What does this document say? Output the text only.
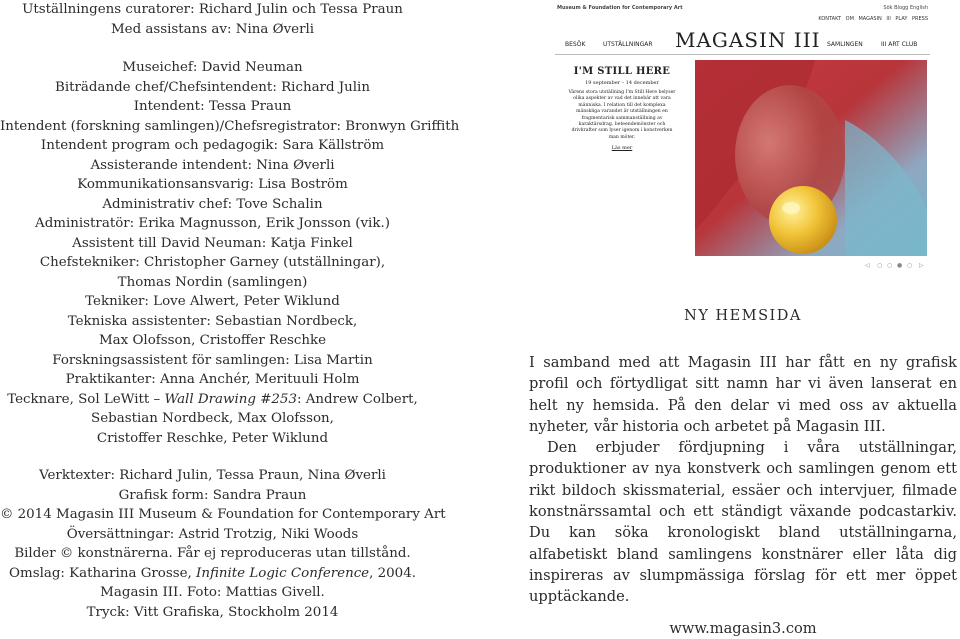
Utställningens curatorer: Richard Julin och Tessa Praun
Med assistans av: Nina Øverli
Museichef: David Neuman
Biträdande chef/Chefsintendent: Richard Julin
Intendent: Tessa Praun
Intendent (forskning samlingen)/Chefsregistrator: Bronwyn Griffith
Intendent program och pedagogik: Sara Källström
Assisterande intendent: Nina Øverli
Kommunikationsansvarig: Lisa Boström
Administrativ chef: Tove Schalin
Administratör: Erika Magnusson, Erik Jonsson (vik.)
Assistent till David Neuman: Katja Finkel
Chefstekniker: Christopher Garney (utställningar),
Thomas Nordin (samlingen)
Tekniker: Love Alwert, Peter Wiklund
Tekniska assistenter: Sebastian Nordbeck,
Max Olofsson, Cristoffer Reschke
Forskningsassistent för samlingen: Lisa Martin
Praktikanter: Anna Anchér, Merituuli Holm
Tecknare, Sol LeWitt – Wall Drawing #253: Andrew Colbert,
Sebastian Nordbeck, Max Olofsson,
Cristoffer Reschke, Peter Wiklund
Verktexter: Richard Julin, Tessa Praun, Nina Øverli
Grafisk form: Sandra Praun
© 2014 Magasin III Museum & Foundation for Contemporary Art
Översättningar: Astrid Trotzig, Niki Woods
Bilder © konstnärerna. Får ej reproduceras utan tillstånd.
Omslag: Katharina Grosse, Infinite Logic Conference, 2004.
Magasin III. Foto: Mattias Givell.
Tryck: Vitt Grafiska, Stockholm 2014
Museum & Foundation for Contemporary Art	Sök Blogg English
KONTAKT OM MAGASIN III PLAY PRESS
BESÖK	UTSTÄLLNINGAR MAGASIN III SAMLINGEN	III ART CLUB
I'M STILL HERE
19 september – 14 december
Värens stora utställning I'm Still Here belyser olika aspekter av vad det innebär att vara människa. I relation till det komplexa mänskliga varandet är utställningen en fragmentarisk sammanställning av karaktärsdrag, beteendemönster och drivkrafter som lyser igenom i konstverken man möter.
Läs mer
◁ ○ ○ ● ○ ▷
NY HEMSIDA

I samband med att Magasin III har fått en ny grafisk profil och förtydligat sitt namn har vi även lanserat en helt ny hemsida. På den delar vi med oss av aktuella nyheter, vår historia och arbetet på Magasin III.

Den erbjuder fördjupning i våra utställningar, produktioner av nya konstverk och samlingen genom ett rikt bildoch skissmaterial, essäer och intervjuer, filmade konstnärssamtal och ett ständigt växande podcastarkiv. Du kan söka kronologiskt bland utställningarna, alfabetiskt bland samlingens konstnärer eller låta dig inspireras av slumpmässiga förslag för ett mer öppet upptäckande.

www.magasin3.com
